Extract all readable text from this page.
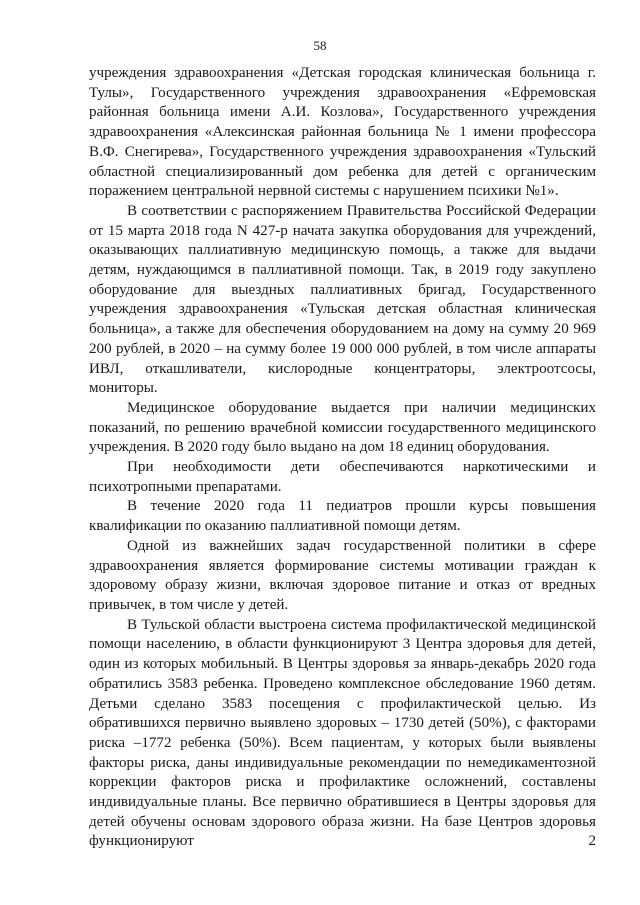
58

учреждения здравоохранения «Детская городская клиническая больница г. Тулы», Государственного учреждения здравоохранения «Ефремовская районная больница имени А.И. Козлова», Государственного учреждения здравоохранения «Алексинская районная больница № 1 имени профессора В.Ф. Снегирева», Государственного учреждения здравоохранения «Тульский областной специализированный дом ребенка для детей с органическим поражением центральной нервной системы с нарушением психики №1».

В соответствии с распоряжением Правительства Российской Федерации от 15 марта 2018 года N 427-р начата закупка оборудования для учреждений, оказывающих паллиативную медицинскую помощь, а также для выдачи детям, нуждающимся в паллиативной помощи. Так, в 2019 году закуплено оборудование для выездных паллиативных бригад, Государственного учреждения здравоохранения «Тульская детская областная клиническая больница», а также для обеспечения оборудованием на дому на сумму 20 969 200 рублей, в 2020 – на сумму более 19 000 000 рублей, в том числе аппараты ИВЛ, откашливатели, кислородные концентраторы, электроотсосы, мониторы.

Медицинское оборудование выдается при наличии медицинских показаний, по решению врачебной комиссии государственного медицинского учреждения. В 2020 году было выдано на дом 18 единиц оборудования.

При необходимости дети обеспечиваются наркотическими и психотропными препаратами.

В течение 2020 года 11 педиатров прошли курсы повышения квалификации по оказанию паллиативной помощи детям.

Одной из важнейших задач государственной политики в сфере здравоохранения является формирование системы мотивации граждан к здоровому образу жизни, включая здоровое питание и отказ от вредных привычек, в том числе у детей.

В Тульской области выстроена система профилактической медицинской помощи населению, в области функционируют 3 Центра здоровья для детей, один из которых мобильный. В Центры здоровья за январь-декабрь 2020 года обратились 3583 ребенка. Проведено комплексное обследование 1960 детям. Детьми сделано 3583 посещения с профилактической целью. Из обратившихся первично выявлено здоровых – 1730 детей (50%), с факторами риска –1772 ребенка (50%). Всем пациентам, у которых были выявлены факторы риска, даны индивидуальные рекомендации по немедикаментозной коррекции факторов риска и профилактике осложнений, составлены индивидуальные планы. Все первично обратившиеся в Центры здоровья для детей обучены основам здорового образа жизни. На базе Центров здоровья функционируют 2
